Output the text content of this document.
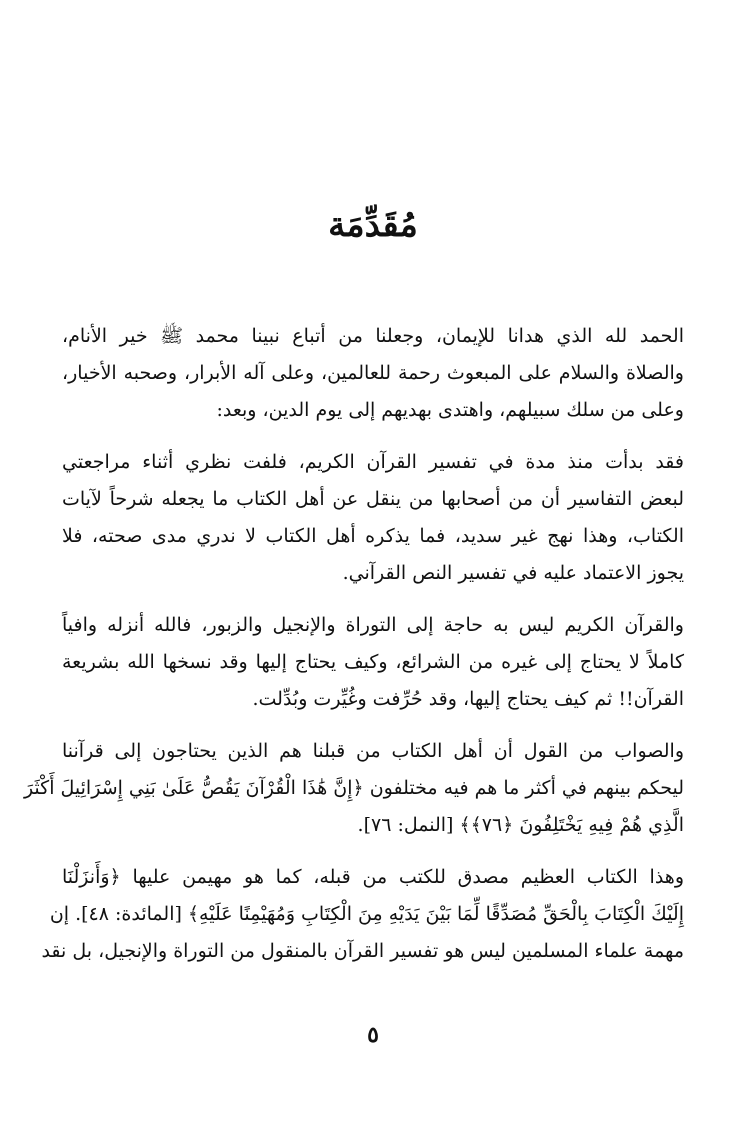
مُقَدِّمَة
الحمد لله الذي هدانا للإيمان، وجعلنا من أتباع نبينا محمد ﷺ خير الأنام،
والصلاة والسلام على المبعوث رحمة للعالمين، وعلى آله الأبرار، وصحبه الأخيار،
وعلى من سلك سبيلهم، واهتدى بهديهم إلى يوم الدين، وبعد:
فقد بدأت منذ مدة في تفسير القرآن الكريم، فلفت نظري أثناء مراجعتي
لبعض التفاسير أن من أصحابها من ينقل عن أهل الكتاب ما يجعله شرحاً لآيات
الكتاب، وهذا نهج غير سديد، فما يذكره أهل الكتاب لا ندري مدى صحته، فلا
يجوز الاعتماد عليه في تفسير النص القرآني.
والقرآن الكريم ليس به حاجة إلى التوراة والإنجيل والزبور، فالله أنزله وافياً
كاملاً لا يحتاج إلى غيره من الشرائع، وكيف يحتاج إليها وقد نسخها الله بشريعة
القرآن!! ثم كيف يحتاج إليها، وقد حُرِّفت وغُيِّرت وبُدِّلت.
والصواب من القول أن أهل الكتاب من قبلنا هم الذين يحتاجون إلى قرآننا
ليحكم بينهم في أكثر ما هم فيه مختلفون ﴿إِنَّ هَٰذَا الْقُرْآنَ يَقُصُّ عَلَىٰ بَنِي إِسْرَائِيلَ أَكْثَرَ
الَّذِي هُمْ فِيهِ يَخْتَلِفُونَ ﴿٧٦﴾﴾ [النمل: ٧٦].
وهذا الكتاب العظيم مصدق للكتب من قبله، كما هو مهيمن عليها ﴿وَأَنزَلْنَا
إِلَيْكَ الْكِتَابَ بِالْحَقِّ مُصَدِّقًا لِّمَا بَيْنَ يَدَيْهِ مِنَ الْكِتَابِ وَمُهَيْمِنًا عَلَيْهِ﴾ [المائدة: ٤٨]. إن
مهمة علماء المسلمين ليس هو تفسير القرآن بالمنقول من التوراة والإنجيل، بل نقد
٥
